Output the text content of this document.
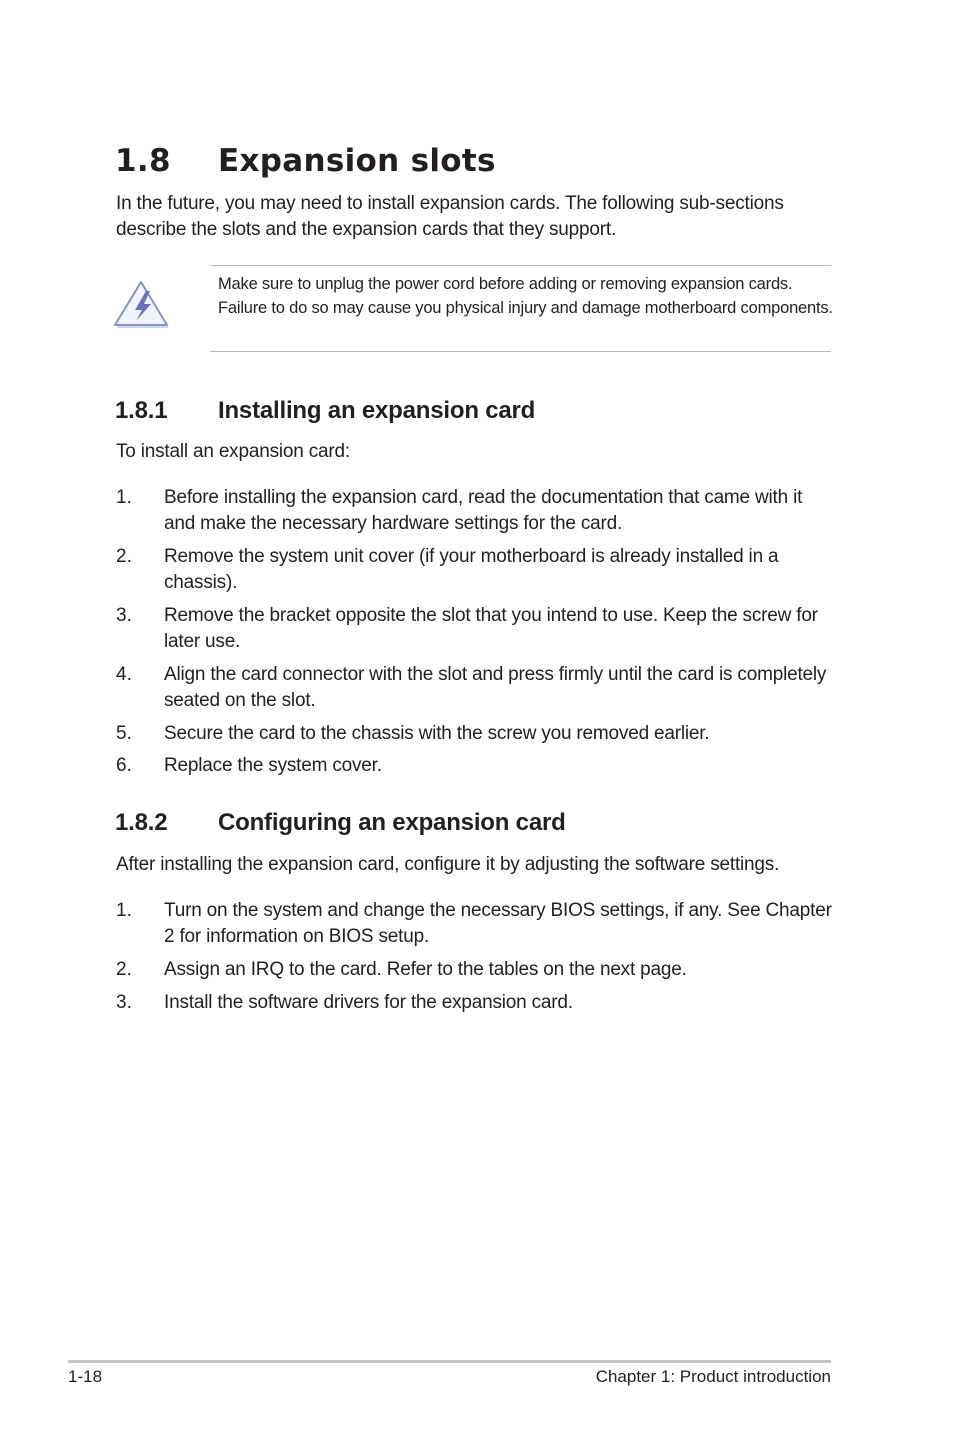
1.8 Expansion slots

In the future, you may need to install expansion cards. The following sub-sections describe the slots and the expansion cards that they support.

Make sure to unplug the power cord before adding or removing expansion cards. Failure to do so may cause you physical injury and damage motherboard components.

1.8.1 Installing an expansion card

To install an expansion card:

1. Before installing the expansion card, read the documentation that came with it and make the necessary hardware settings for the card.
2. Remove the system unit cover (if your motherboard is already installed in a chassis).
3. Remove the bracket opposite the slot that you intend to use. Keep the screw for later use.
4. Align the card connector with the slot and press firmly until the card is completely seated on the slot.
5. Secure the card to the chassis with the screw you removed earlier.
6. Replace the system cover.
1.8.2 Configuring an expansion card

After installing the expansion card, configure it by adjusting the software settings.

1. Turn on the system and change the necessary BIOS settings, if any. See Chapter 2 for information on BIOS setup.
2. Assign an IRQ to the card. Refer to the tables on the next page.
3. Install the software drivers for the expansion card.
1-18	Chapter 1: Product introduction
